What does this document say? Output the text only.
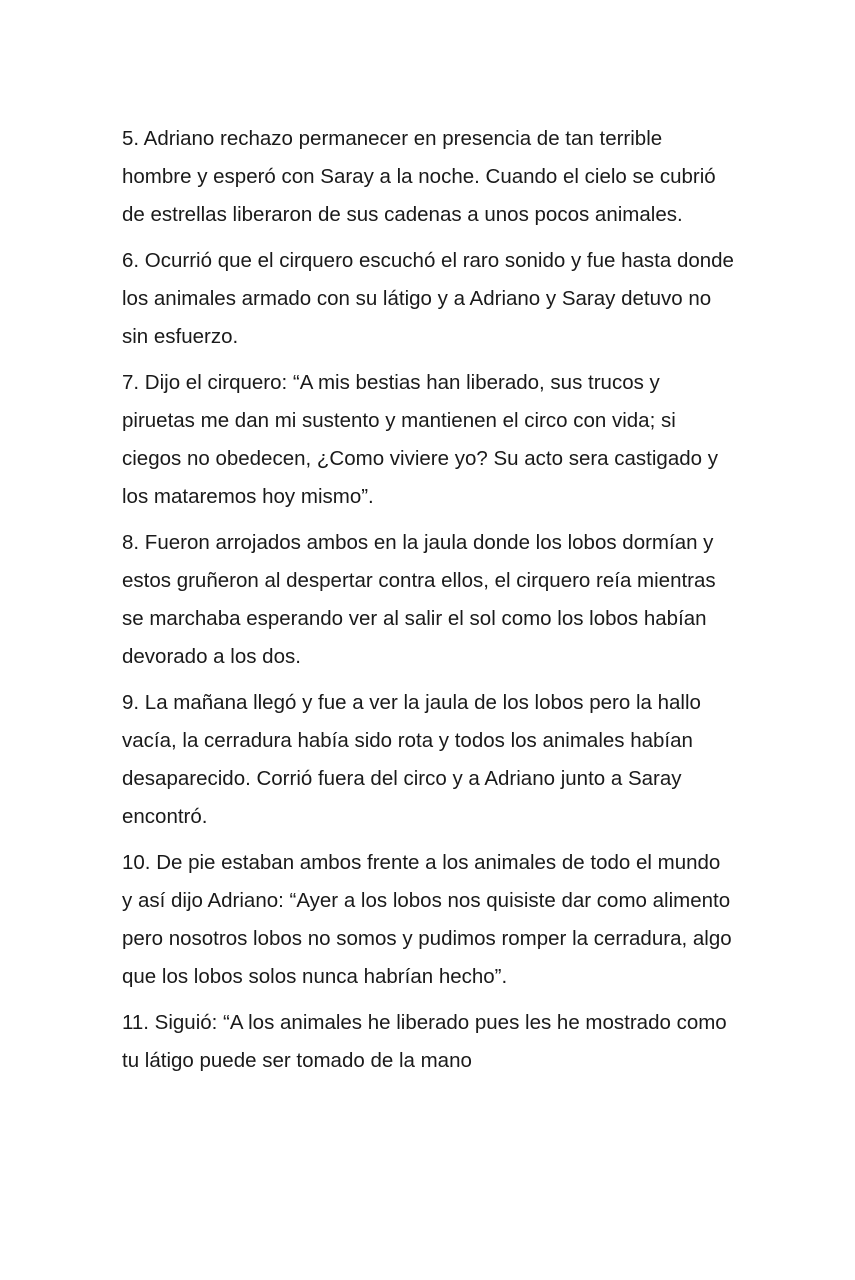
5. Adriano rechazo permanecer en presencia de tan terrible hombre y esperó con Saray a la noche. Cuando el cielo se cubrió de estrellas liberaron de sus cadenas a unos pocos animales.

6. Ocurrió que el cirquero escuchó el raro sonido y fue hasta donde los animales armado con su látigo y a Adriano y Saray detuvo no sin esfuerzo.

7. Dijo el cirquero: “A mis bestias han liberado, sus trucos y piruetas me dan mi sustento y mantienen el circo con vida; si ciegos no obedecen, ¿Como viviere yo? Su acto sera castigado y los mataremos hoy mismo”.

8. Fueron arrojados ambos en la jaula donde los lobos dormían y estos gruñeron al despertar contra ellos, el cirquero reía mientras se marchaba esperando ver al salir el sol como los lobos habían devorado a los dos.

9. La mañana llegó y fue a ver la jaula de los lobos pero la hallo vacía, la cerradura había sido rota y todos los animales habían desaparecido. Corrió fuera del circo y a Adriano junto a Saray encontró.

10. De pie estaban ambos frente a los animales de todo el mundo y así dijo Adriano: “Ayer a los lobos nos quisiste dar como alimento pero nosotros lobos no somos y pudimos romper la cerradura, algo que los lobos solos nunca habrían hecho”.

11. Siguió: “A los animales he liberado pues les he mostrado como tu látigo puede ser tomado de la mano
